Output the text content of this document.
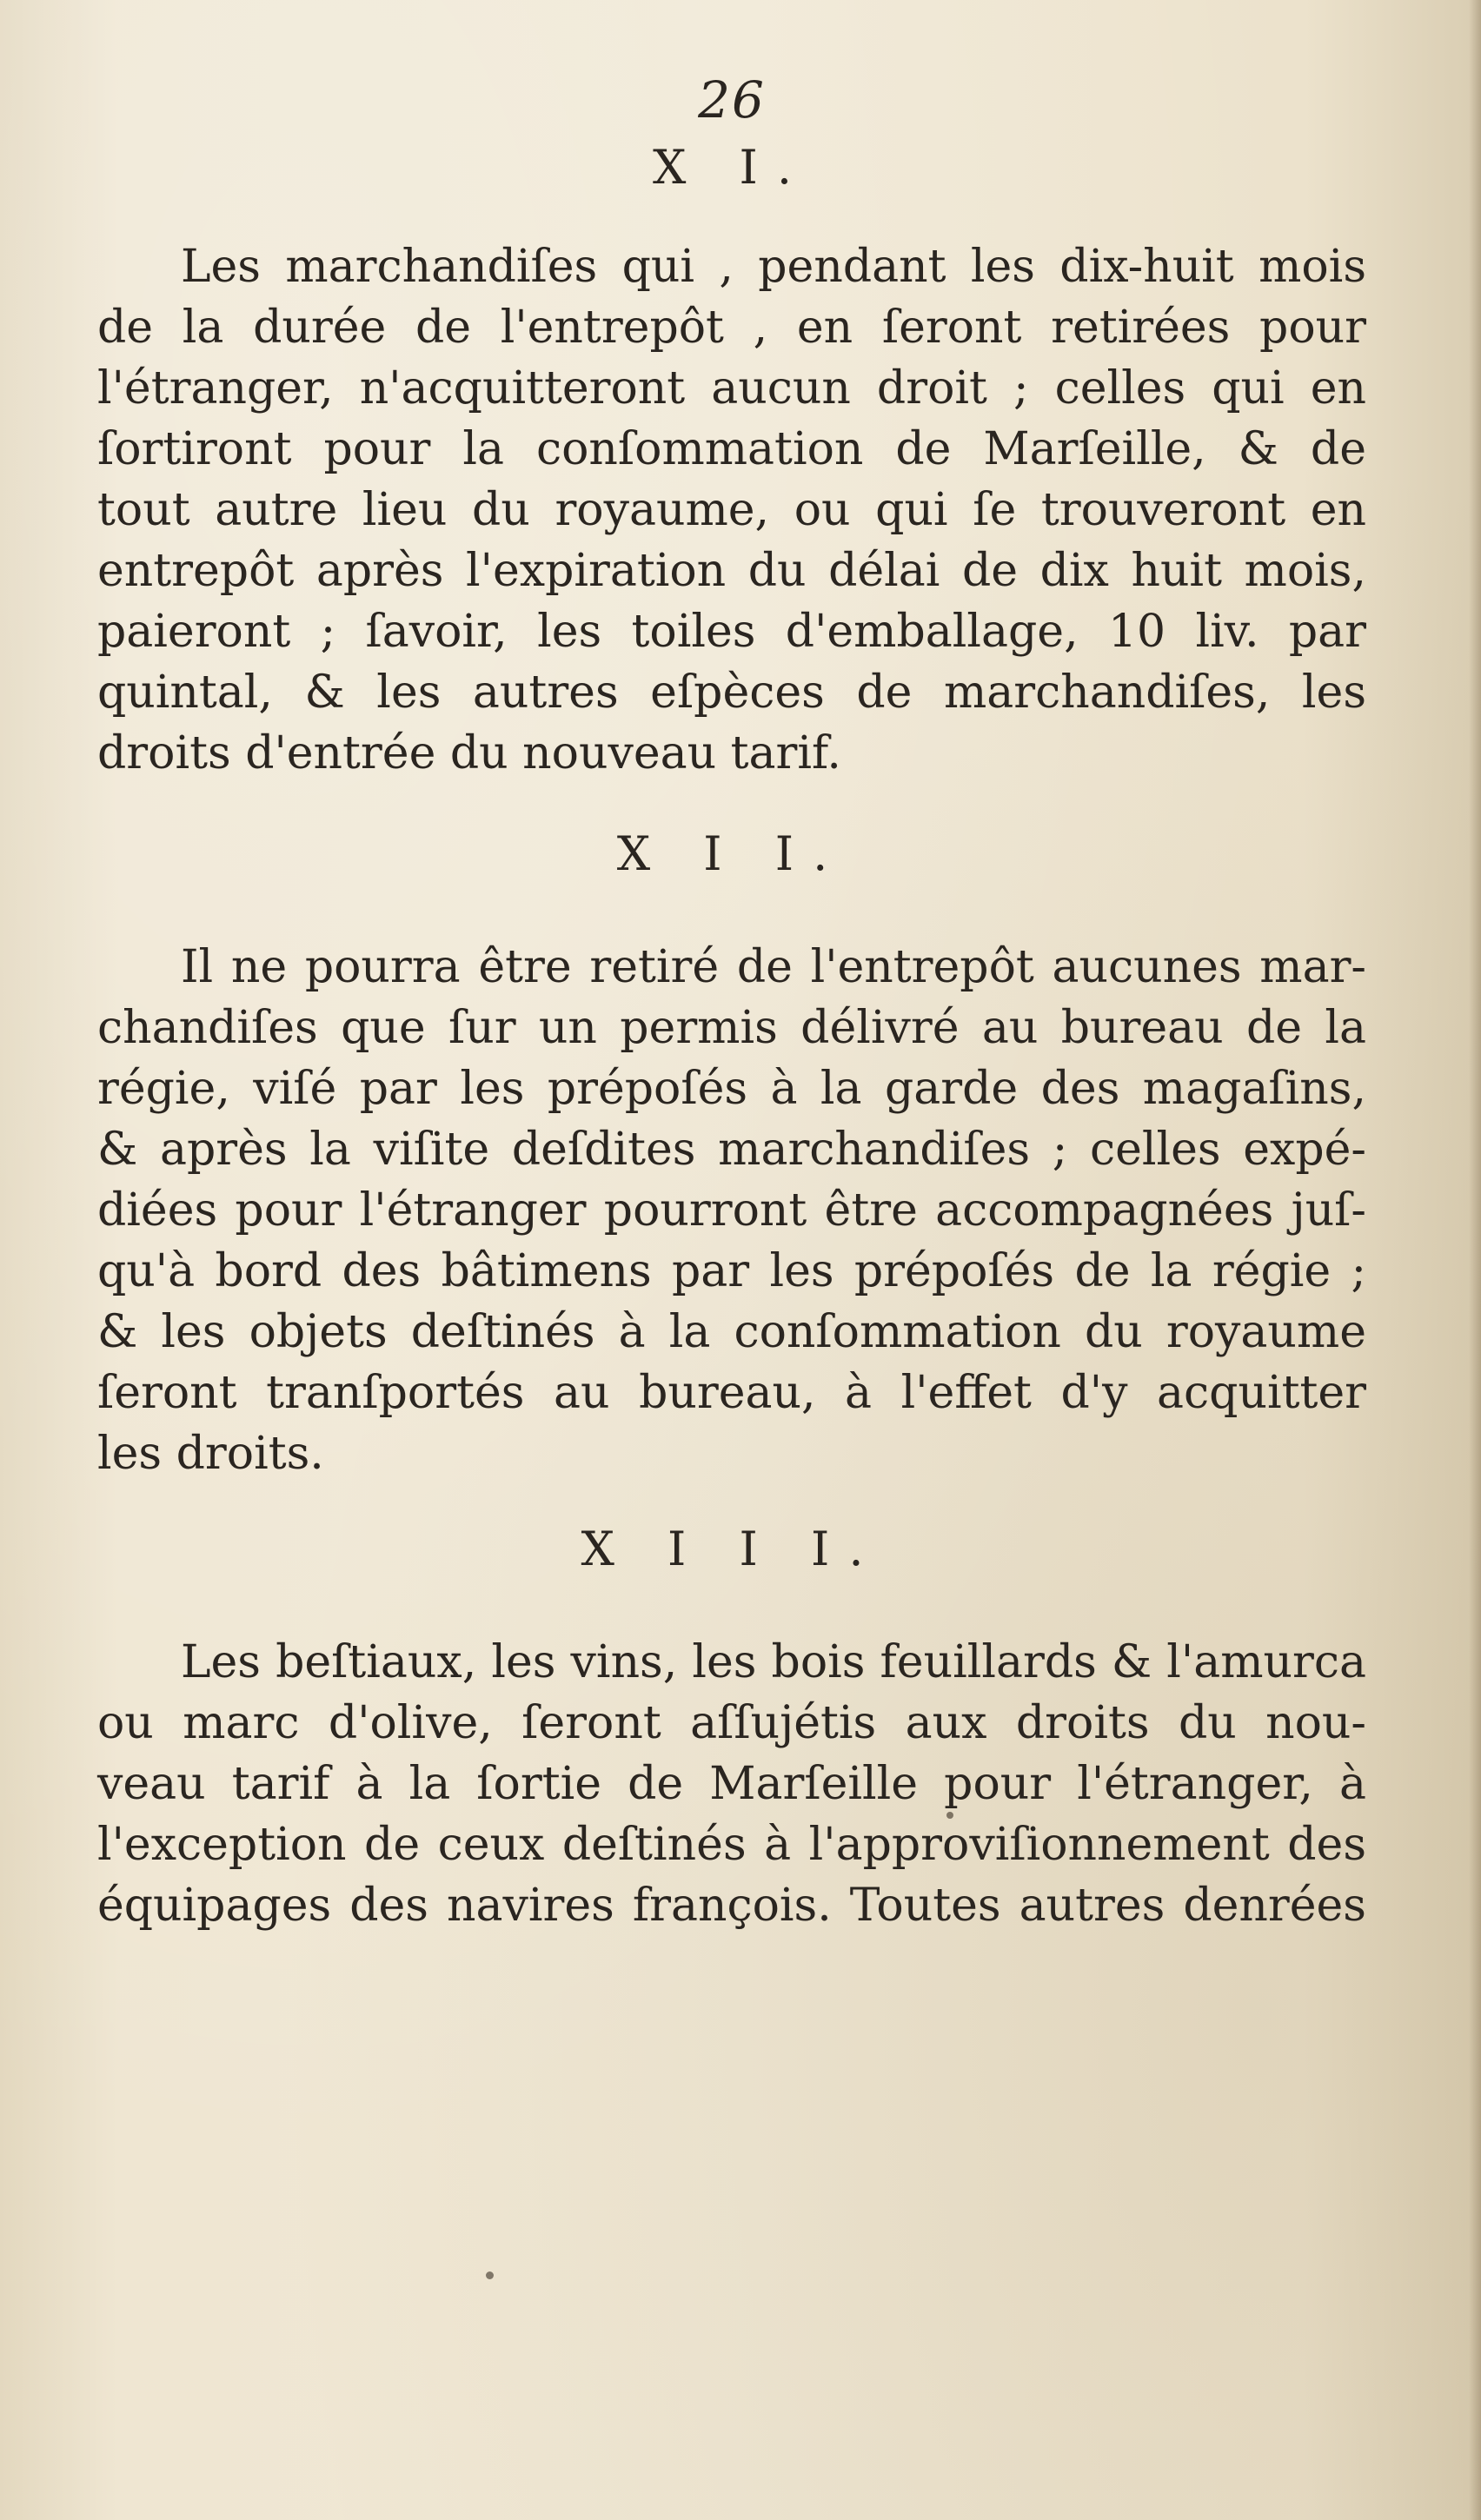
26
X I.
Les marchandiſes qui , pendant les dix-huit mois
de la durée de l'entrepôt , en ſeront retirées pour
l'étranger, n'acquitteront aucun droit ; celles qui en
ſortiront pour la conſommation de Marſeille, & de
tout autre lieu du royaume, ou qui ſe trouveront en
entrepôt après l'expiration du délai de dix huit mois,
paieront ; ſavoir, les toiles d'emballage, 10 liv. par
quintal, & les autres eſpèces de marchandiſes, les
droits d'entrée du nouveau tarif.
X I I.
Il ne pourra être retiré de l'entrepôt aucunes mar-
chandiſes que ſur un permis délivré au bureau de la
régie, viſé par les prépoſés à la garde des magaſins,
& après la viſite deſdites marchandiſes ; celles expé-
diées pour l'étranger pourront être accompagnées juſ-
qu'à bord des bâtimens par les prépoſés de la régie ;
& les objets deſtinés à la conſommation du royaume
ſeront tranſportés au bureau, à l'effet d'y acquitter
les droits.
X I I I.
Les beſtiaux, les vins, les bois feuillards & l'amurca
ou marc d'olive, ſeront aſſujétis aux droits du nou-
veau tarif à la ſortie de Marſeille pour l'étranger, à
l'exception de ceux deſtinés à l'approviſionnement des
équipages des navires françois. Toutes autres denrées
